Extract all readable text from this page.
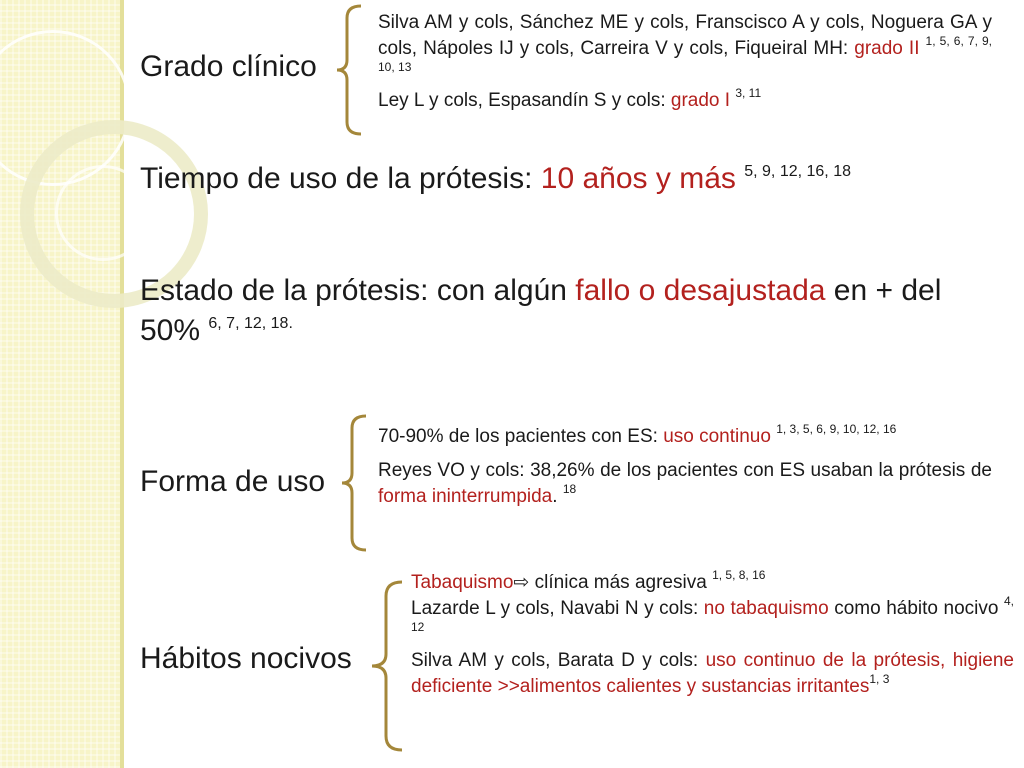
Grado clínico
Silva AM y cols, Sánchez ME y cols, Franscisco A y cols, Noguera GA y cols, Nápoles IJ y cols, Carreira V y cols, Fiqueiral MH: grado II $^{1, 5, 6, 7, 9, 10, 13}$
Ley L y cols, Espasandín S y cols: grado I $^{3, 11}$
Tiempo de uso de la prótesis: 10 años y más $^{5, 9, 12, 16, 18}$
Estado de la prótesis: con algún fallo o desajustada en + del 50% $^{6, 7, 12, 18.}$
Forma de uso
70-90% de los pacientes con ES: uso continuo $^{1, 3, 5, 6, 9, 10, 12, 16}$
Reyes VO y cols: 38,26% de los pacientes con ES usaban la prótesis de forma ininterrumpida. $^{18}$
Hábitos nocivos
Tabaquismo⇨ clínica más agresiva $^{1, 5, 8, 16}$
Lazarde L y cols, Navabi N y cols: no tabaquismo como hábito nocivo $^{4, 12}$
Silva AM y cols, Barata D y cols: uso continuo de la prótesis, higiene deficiente >>alimentos calientes y sustancias irritantes$^{1, 3}$
